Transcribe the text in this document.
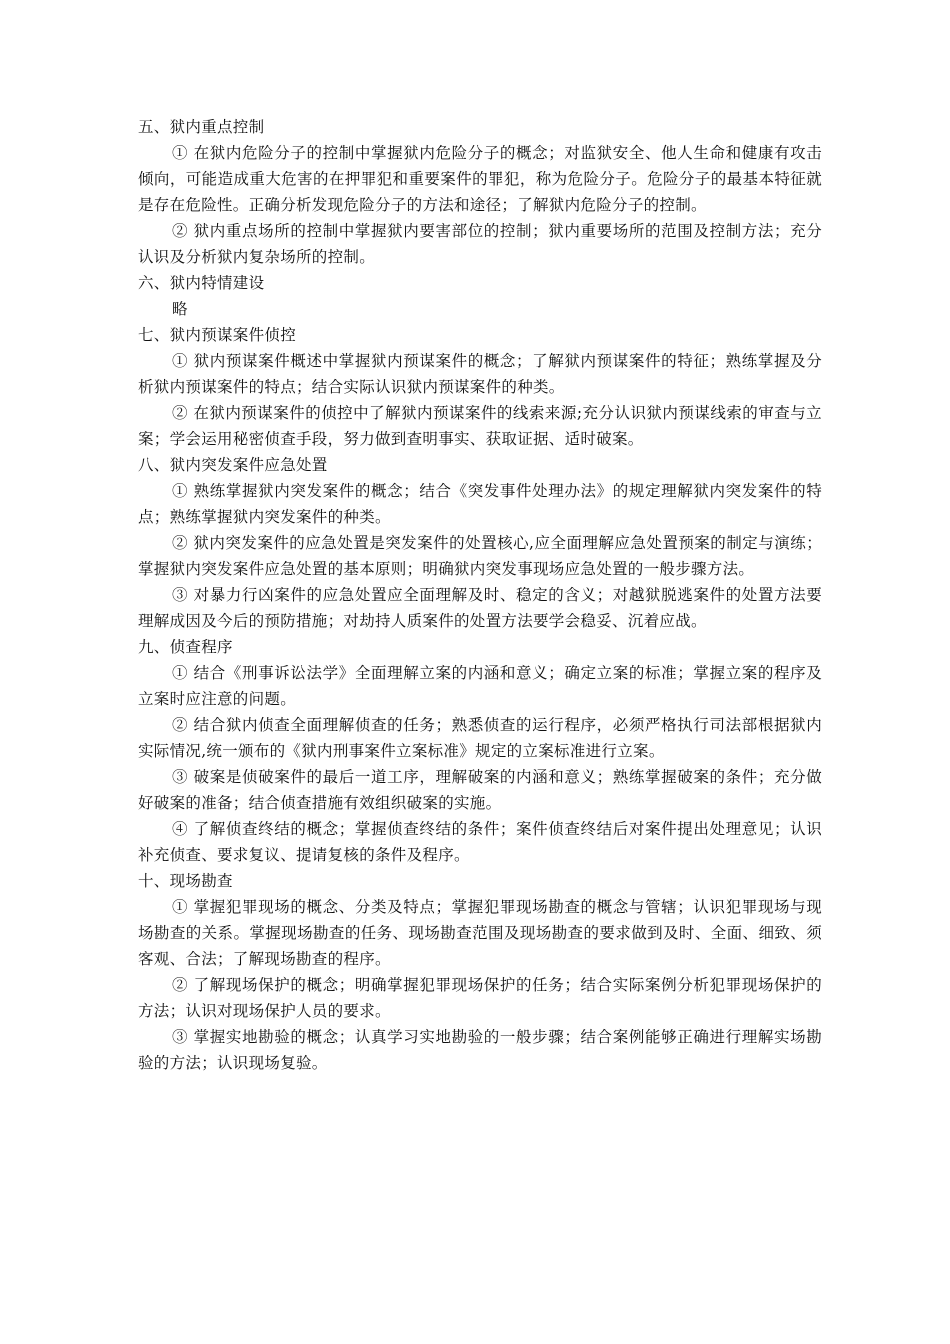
五、狱内重点控制

① 在狱内危险分子的控制中掌握狱内危险分子的概念；对监狱安全、他人生命和健康有攻击倾向，可能造成重大危害的在押罪犯和重要案件的罪犯，称为危险分子。危险分子的最基本特征就是存在危险性。正确分析发现危险分子的方法和途径；了解狱内危险分子的控制。

② 狱内重点场所的控制中掌握狱内要害部位的控制；狱内重要场所的范围及控制方法；充分认识及分析狱内复杂场所的控制。

六、狱内特情建设

略

七、狱内预谋案件侦控

① 狱内预谋案件概述中掌握狱内预谋案件的概念；了解狱内预谋案件的特征；熟练掌握及分析狱内预谋案件的特点；结合实际认识狱内预谋案件的种类。

② 在狱内预谋案件的侦控中了解狱内预谋案件的线索来源;充分认识狱内预谋线索的审查与立案；学会运用秘密侦查手段，努力做到查明事实、获取证据、适时破案。

八、狱内突发案件应急处置

① 熟练掌握狱内突发案件的概念；结合《突发事件处理办法》的规定理解狱内突发案件的特点；熟练掌握狱内突发案件的种类。

② 狱内突发案件的应急处置是突发案件的处置核心,应全面理解应急处置预案的制定与演练；掌握狱内突发案件应急处置的基本原则；明确狱内突发事现场应急处置的一般步骤方法。

③ 对暴力行凶案件的应急处置应全面理解及时、稳定的含义；对越狱脱逃案件的处置方法要理解成因及今后的预防措施；对劫持人质案件的处置方法要学会稳妥、沉着应战。

九、侦查程序

① 结合《刑事诉讼法学》全面理解立案的内涵和意义；确定立案的标准；掌握立案的程序及立案时应注意的问题。

② 结合狱内侦查全面理解侦查的任务；熟悉侦查的运行程序，必须严格执行司法部根据狱内实际情况,统一颁布的《狱内刑事案件立案标准》规定的立案标准进行立案。

③ 破案是侦破案件的最后一道工序，理解破案的内涵和意义；熟练掌握破案的条件；充分做好破案的准备；结合侦查措施有效组织破案的实施。

④ 了解侦查终结的概念；掌握侦查终结的条件；案件侦查终结后对案件提出处理意见；认识补充侦查、要求复议、提请复核的条件及程序。

十、现场勘查

① 掌握犯罪现场的概念、分类及特点；掌握犯罪现场勘查的概念与管辖；认识犯罪现场与现场勘查的关系。掌握现场勘查的任务、现场勘查范围及现场勘查的要求做到及时、全面、细致、须客观、合法；了解现场勘查的程序。

② 了解现场保护的概念；明确掌握犯罪现场保护的任务；结合实际案例分析犯罪现场保护的方法；认识对现场保护人员的要求。

③ 掌握实地勘验的概念；认真学习实地勘验的一般步骤；结合案例能够正确进行理解实场勘验的方法；认识现场复验。
